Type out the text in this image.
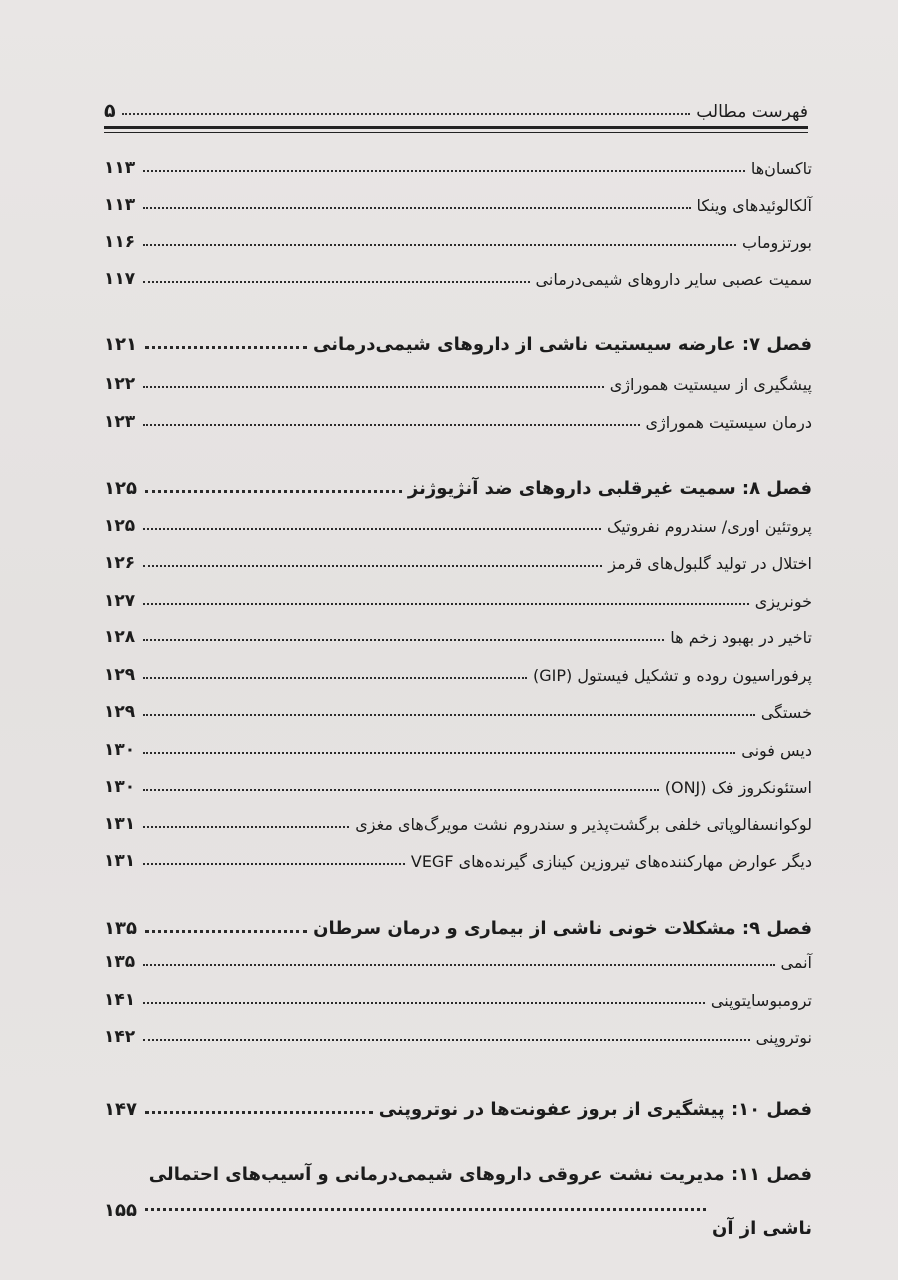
فهرست مطالب
۵
تاکسان‌ها
۱۱۳
آلکالوئیدهای وینکا
۱۱۳
بورتزوماب
۱۱۶
سمیت عصبی سایر داروهای شیمی‌درمانی
۱۱۷
فصل ۷: عارضه سیستیت ناشی از داروهای شیمی‌درمانی
۱۲۱
پیشگیری از سیستیت هموراژی
۱۲۲
درمان سیستیت هموراژی
۱۲۳
فصل ۸: سمیت غیرقلبی داروهای ضد آنژیوژنز
۱۲۵
پروتئین اوری/ سندروم نفروتیک
۱۲۵
اختلال در تولید گلبول‌های قرمز
۱۲۶
خونریزی
۱۲۷
تاخیر در بهبود زخم ها
۱۲۸
پرفوراسیون روده و تشکیل فیستول (GIP)
۱۲۹
خستگی
۱۲۹
دیس فونی
۱۳۰
استئونکروز فک (ONJ)
۱۳۰
لوکوانسفالوپاتی خلفی برگشت‌پذیر و سندروم نشت مویرگ‌های مغزی
۱۳۱
دیگر عوارض مهارکننده‌های تیروزین کینازی گیرنده‌های VEGF
۱۳۱
فصل ۹: مشکلات خونی ناشی از بیماری و درمان سرطان
۱۳۵
آنمی
۱۳۵
ترومبوسایتوپنی
۱۴۱
نوتروپنی
۱۴۲
فصل ۱۰: پیشگیری از بروز عفونت‌ها در نوتروپنی
۱۴۷
فصل ۱۱: مدیریت نشت عروقی داروهای شیمی‌درمانی و آسیب‌های احتمالی
ناشی از آن
۱۵۵
